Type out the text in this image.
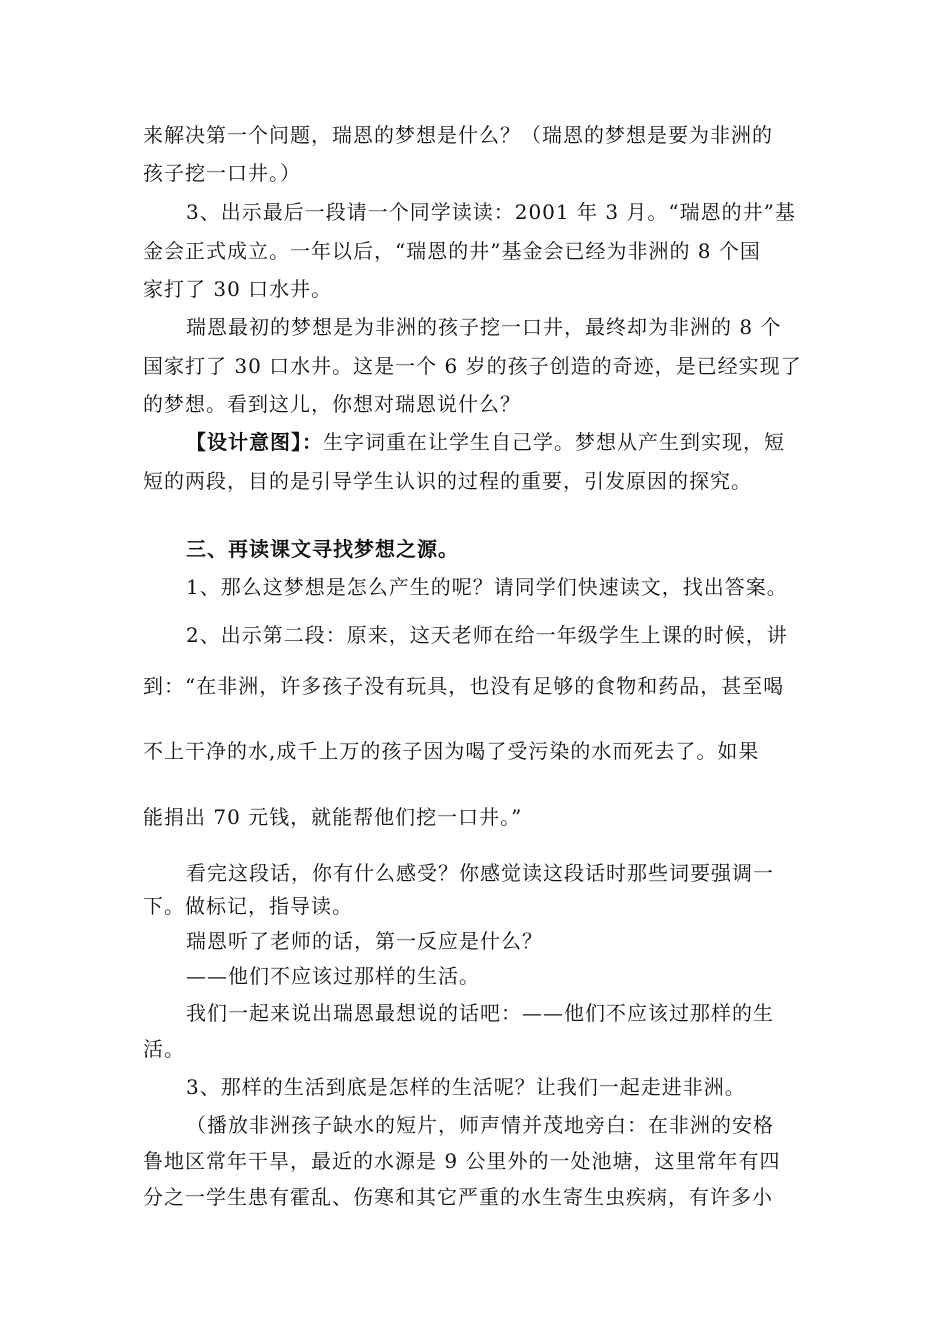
来解决第一个问题，瑞恩的梦想是什么？（瑞恩的梦想是要为非洲的

孩子挖一口井。）

3、出示最后一段请一个同学读读：2001 年 3 月。“瑞恩的井”基

金会正式成立。一年以后，“瑞恩的井”基金会已经为非洲的 8 个国

家打了 30 口水井。

瑞恩最初的梦想是为非洲的孩子挖一口井，最终却为非洲的 8 个

国家打了 30 口水井。这是一个 6 岁的孩子创造的奇迹，是已经实现了

的梦想。看到这儿，你想对瑞恩说什么？

【设计意图】：生字词重在让学生自己学。梦想从产生到实现，短

短的两段，目的是引导学生认识的过程的重要，引发原因的探究。

三、再读课文寻找梦想之源。

1、那么这梦想是怎么产生的呢？请同学们快速读文，找出答案。

2、出示第二段：原来，这天老师在给一年级学生上课的时候，讲

到：“在非洲，许多孩子没有玩具，也没有足够的食物和药品，甚至喝

不上干净的水,成千上万的孩子因为喝了受污染的水而死去了。如果

能捐出 70 元钱，就能帮他们挖一口井。”

看完这段话，你有什么感受？你感觉读这段话时那些词要强调一

下。做标记，指导读。

瑞恩听了老师的话，第一反应是什么？

——他们不应该过那样的生活。

我们一起来说出瑞恩最想说的话吧：——他们不应该过那样的生

活。

3、那样的生活到底是怎样的生活呢？让我们一起走进非洲。

（播放非洲孩子缺水的短片，师声情并茂地旁白：在非洲的安格

鲁地区常年干旱，最近的水源是 9 公里外的一处池塘，这里常年有四

分之一学生患有霍乱、伤寒和其它严重的水生寄生虫疾病，有许多小
